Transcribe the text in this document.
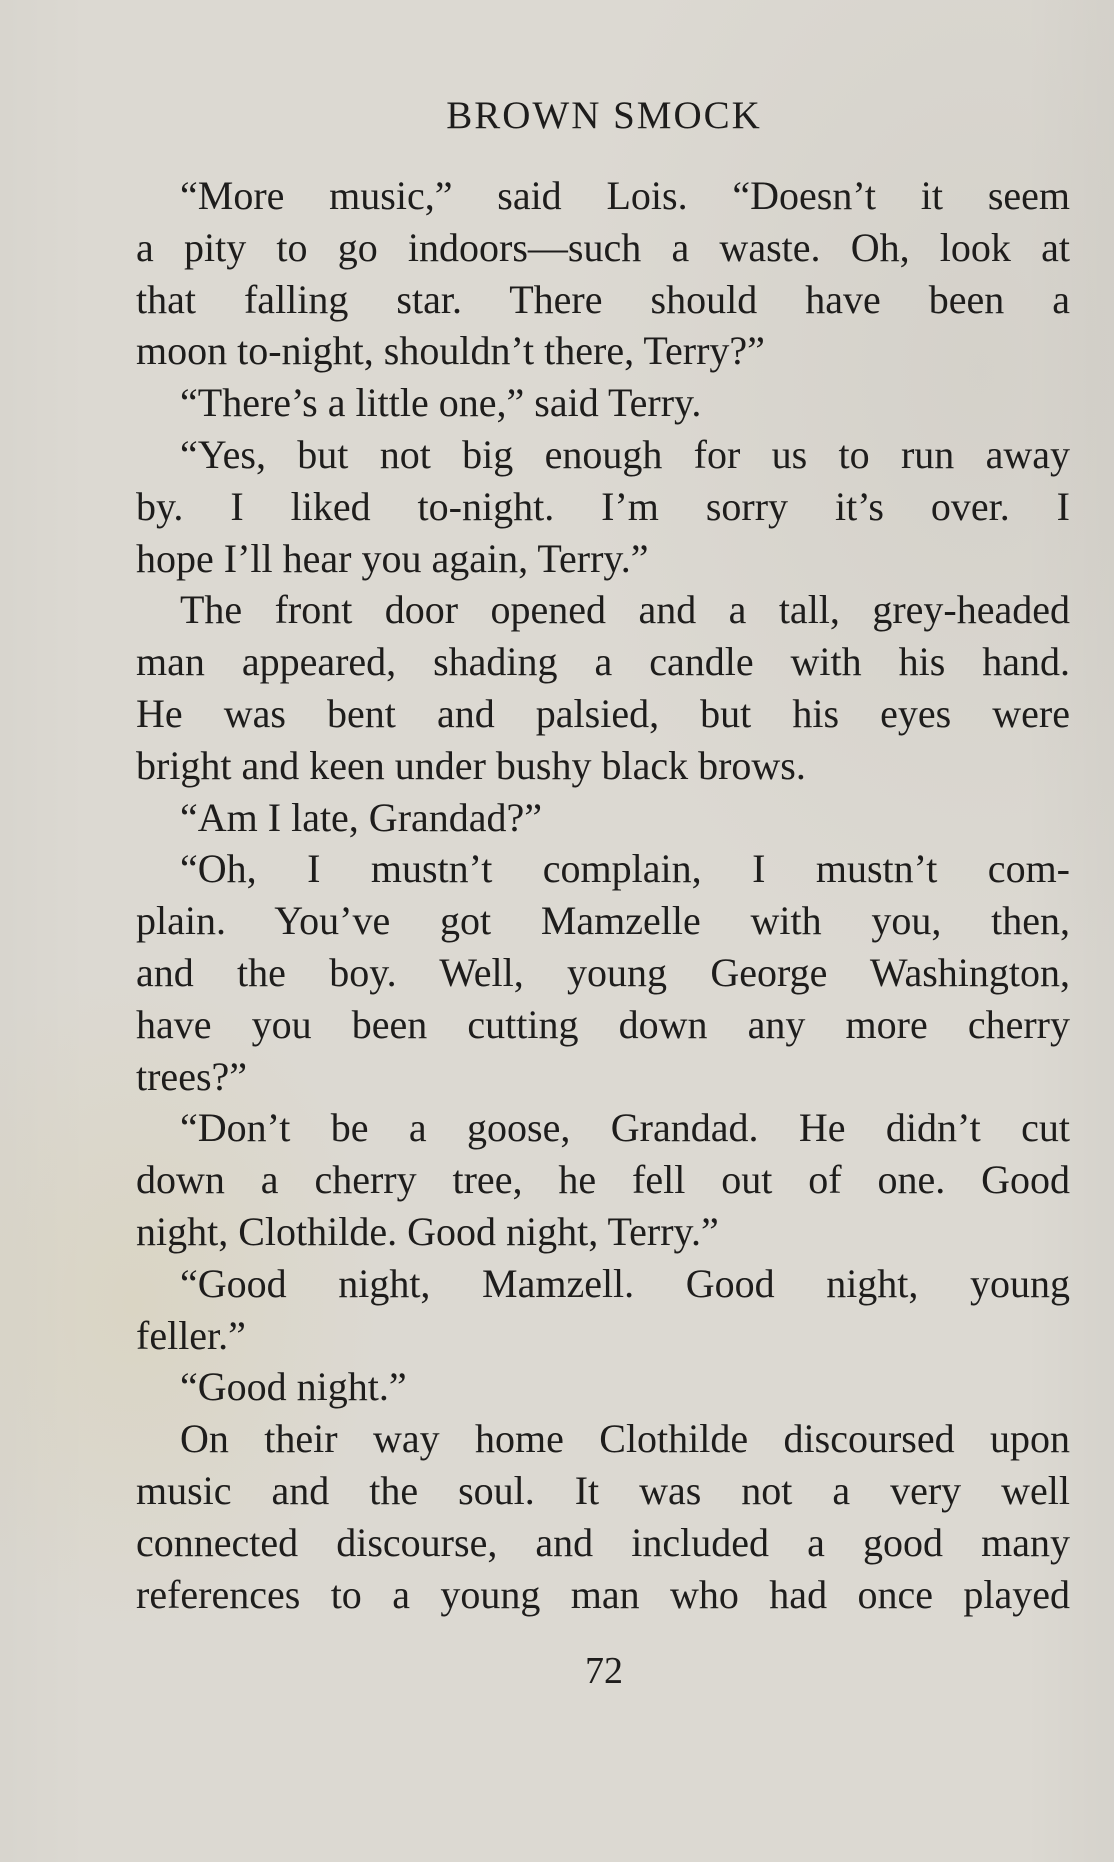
BROWN SMOCK
“More music,” said Lois. “Doesn’t it seem
a pity to go indoors—such a waste. Oh, look at
that falling star. There should have been a
moon to-night, shouldn’t there, Terry?”
“There’s a little one,” said Terry.
“Yes, but not big enough for us to run away
by. I liked to-night. I’m sorry it’s over. I
hope I’ll hear you again, Terry.”
The front door opened and a tall, grey-headed
man appeared, shading a candle with his hand.
He was bent and palsied, but his eyes were
bright and keen under bushy black brows.
“Am I late, Grandad?”
“Oh, I mustn’t complain, I mustn’t com-
plain. You’ve got Mamzelle with you, then,
and the boy. Well, young George Washington,
have you been cutting down any more cherry
trees?”
“Don’t be a goose, Grandad. He didn’t cut
down a cherry tree, he fell out of one. Good
night, Clothilde. Good night, Terry.”
“Good night, Mamzell. Good night, young
feller.”
“Good night.”
On their way home Clothilde discoursed upon
music and the soul. It was not a very well
connected discourse, and included a good many
references to a young man who had once played
72
